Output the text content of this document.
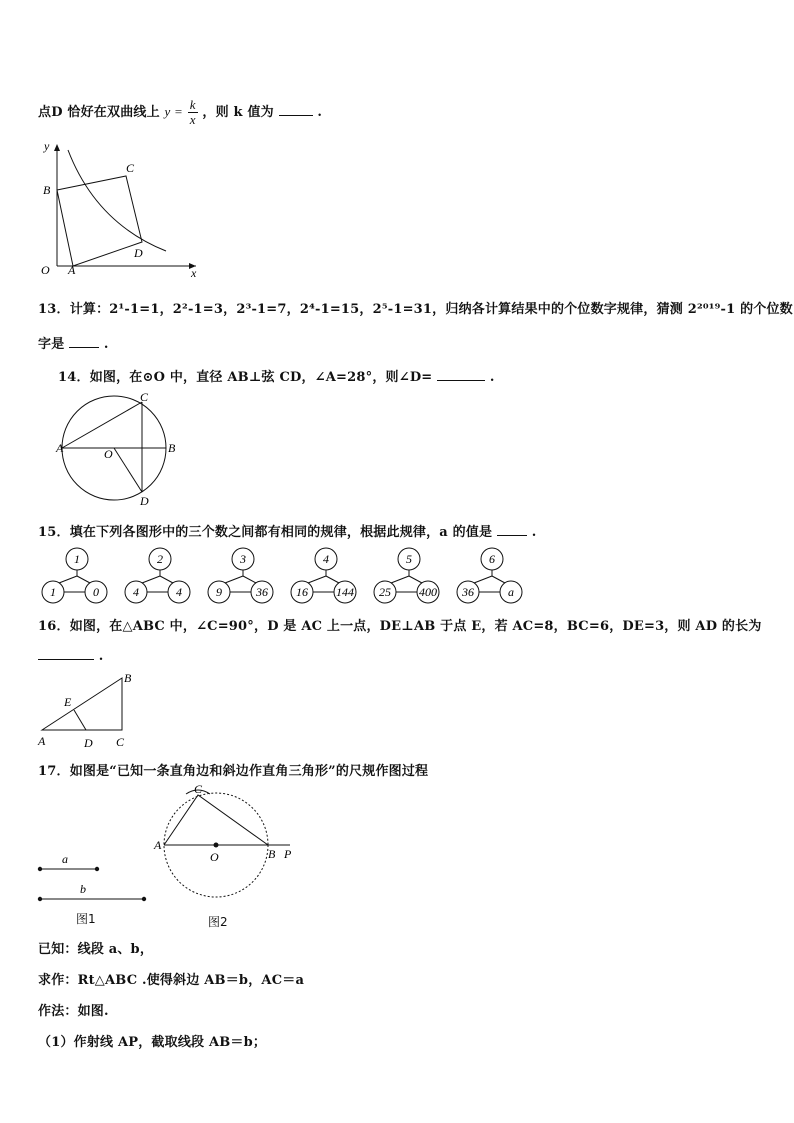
点D 恰好在双曲线上 $y = \frac{k}{x}$ ，则 k 值为	.
y
x
O A
B
C
D
13．计算：2¹-1=1，2²-1=3，2³-1=7，2⁴-1=15，2⁵-1=31，归纳各计算结果中的个位数字规律，猜测 2²⁰¹⁹-1 的个位数
字是	.
14．如图，在⊙O 中，直径 AB⊥弦 CD，∠A=28°，则∠D=	.
C
A	B
O
D
15．填在下列各图形中的三个数之间都有相同的规律，根据此规律，a 的值是	.
1
1	0
2
4	4
3
9	36
4
16 144
5
25 400
6
36	a
16．如图，在△ABC 中，∠C=90°，D 是 AC 上一点，DE⊥AB 于点 E，若 AC=8，BC=6，DE=3，则 AD 的长为
.
B
E
A	D C
17．如图是“已知一条直角边和斜边作直角三角形”的尺规作图过程
a
b
C
A
O	B P
图1	图2
已知：线段 a、b，
求作：Rt△ABC .使得斜边 AB＝b，AC＝a
作法：如图.
（1）作射线 AP，截取线段 AB＝b；
